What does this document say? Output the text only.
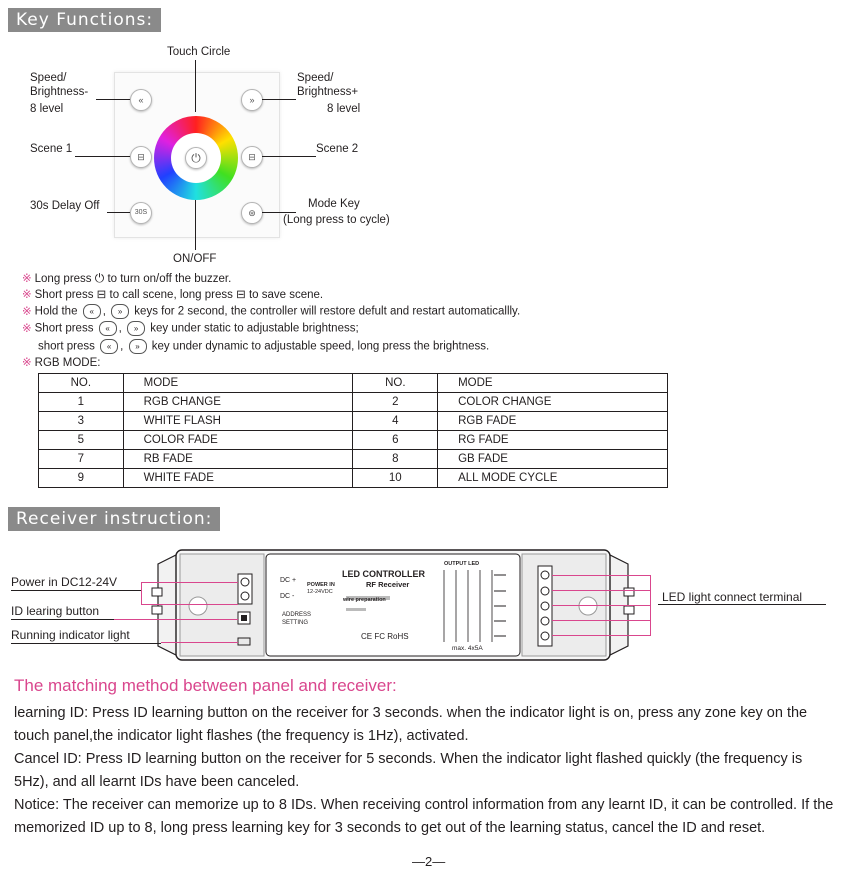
Key Functions:
⏻
«	»
⊟	⊟
30S	⊛
Touch Circle
ON/OFF
Speed/
Brightness-
8 level
Speed/
Brightness+
8 level
Scene 1	Scene 2
30s Delay Off	Mode Key
(Long press to cycle)
※ Long press ⏻ to turn on/off the buzzer.
※ Short press ⊟ to call scene, long press ⊟ to save scene.
※ Hold the « , » keys for 2 second, the controller will restore defult and restart automaticallly.
※ Short press « , » key under static to adjustable brightness;
short press « , » key under dynamic to adjustable speed, long press the brightness.
※ RGB MODE:
NO.	MODE	NO.	MODE
1	RGB CHANGE	2	COLOR CHANGE
3	WHITE FLASH	4	RGB FADE
5	COLOR FADE	6	RG FADE
7	RB FADE	8	GB FADE
9	WHITE FADE	10	ALL MODE CYCLE
Receiver instruction:
LED CONTROLLER
RF Receiver
DC +
DC -
POWER IN
12-24VDC
ADDRESS
SETTING
wire preparation
OUTPUT LED
max. 4x5A
CE FC RoHS
Power in DC12-24V
ID learing button
Running indicator light
LED light connect terminal
The matching method between panel and receiver:
learning ID: Press ID learning button on the receiver for 3 seconds. when the indicator light is on, press any zone key on the touch panel,the indicator light flashes (the frequency is 1Hz), activated.
Cancel ID: Press ID learning button on the receiver for 5 seconds. When the indicator light flashed quickly (the frequency is 5Hz), and all learnt IDs have been canceled.
Notice: The receiver can memorize up to 8 IDs. When receiving control information from any learnt ID, it can be controlled. If the memorized ID up to 8, long press learning key for 3 seconds to get out of the learning status, cancel the ID and reset.
—2—
